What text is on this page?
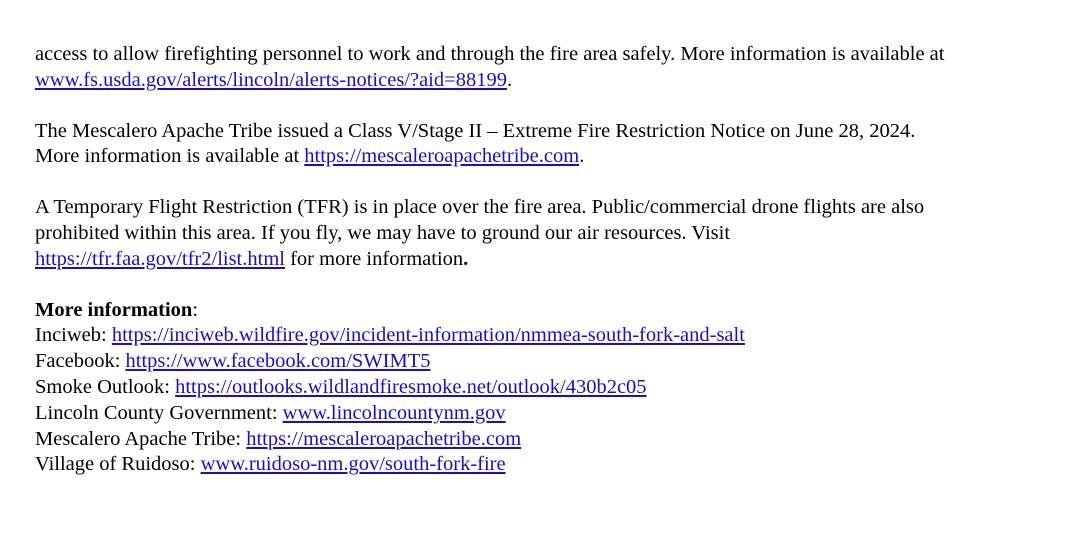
access to allow firefighting personnel to work and through the fire area safely. More information is available at
www.fs.usda.gov/alerts/lincoln/alerts-notices/?aid=88199.

The Mescalero Apache Tribe issued a Class V/Stage II – Extreme Fire Restriction Notice on June 28, 2024.
More information is available at https://mescaleroapachetribe.com.

A Temporary Flight Restriction (TFR) is in place over the fire area. Public/commercial drone flights are also
prohibited within this area. If you fly, we may have to ground our air resources. Visit
https://tfr.faa.gov/tfr2/list.html for more information.

More information:
Inciweb: https://inciweb.wildfire.gov/incident-information/nmmea-south-fork-and-salt
Facebook: https://www.facebook.com/SWIMT5
Smoke Outlook: https://outlooks.wildlandfiresmoke.net/outlook/430b2c05
Lincoln County Government: www.lincolncountynm.gov
Mescalero Apache Tribe: https://mescaleroapachetribe.com
Village of Ruidoso: www.ruidoso-nm.gov/south-fork-fire
